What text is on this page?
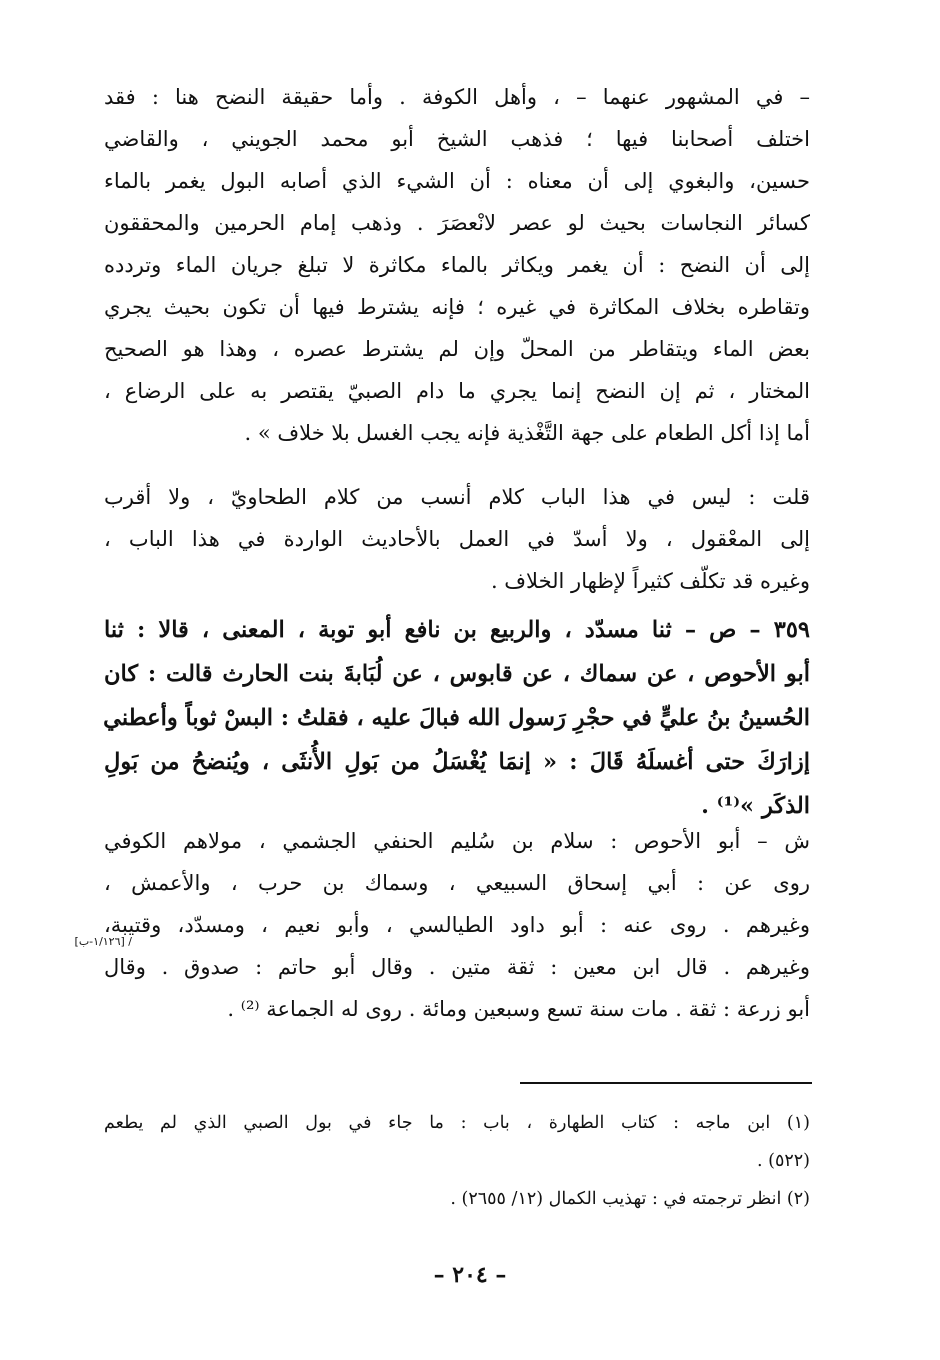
– في المشهور عنهما – ، وأهل الكوفة . وأما حقيقة النضح هنا : فقد
اختلف أصحابنا فيها ؛ فذهب الشيخ أبو محمد الجويني ، والقاضي
حسين، والبغوي إلى أن معناه : أن الشيء الذي أصابه البول يغمر بالماء
كسائر النجاسات بحيث لو عصر لانْعصَرَ . وذهب إمام الحرمين والمحققون
إلى أن النضح : أن يغمر ويكاثر بالماء مكاثرة لا تبلغ جريان الماء وتردده
وتقاطره بخلاف المكاثرة في غيره ؛ فإنه يشترط فيها أن تكون بحيث يجري
بعض الماء ويتقاطر من المحلّ وإن لم يشترط عصره ، وهذا هو الصحيح
المختار ، ثم إن النضح إنما يجري ما دام الصبيّ يقتصر به على الرضاع ،
أما إذا أكل الطعام على جهة التَّغْذية فإنه يجب الغسل بلا خلاف » .
قلت : ليس في هذا الباب كلام أنسب من كلام الطحاويّ ، ولا أقرب
إلى المعْقول ، ولا أسدّ في العمل بالأحاديث الواردة في هذا الباب ،
وغيره قد تكلّف كثيراً لإظهار الخلاف .
٣٥٩ – ص – ثنا مسدّد ، والربيع بن نافع أبو توبة ، المعنى ، قالا : ثنا
أبو الأحوص ، عن سماك ، عن قابوس ، عن لُبَابةَ بنت الحارث قالت : كان
الحُسينُ بنُ عليٍّ في حجْرِ رَسول الله فبالَ عليه ، فقلتُ : البسْ ثوباً وأعطني
إزارَكَ حتى أغسلَهُ قَالَ : « إنمَا يُغْسَلُ من بَولِ الأُنثَى ، ويُنضحُ من بَولِ
الذكَر »⁽¹⁾ .
ش – أبو الأحوص : سلام بن سُليم الحنفي الجشمي ، مولاهم الكوفي
روى عن : أبي إسحاق السبيعي ، وسماك بن حرب ، والأعمش ،
وغيرهم . روى عنه : أبو داود الطيالسي ، وأبو نعيم ، ومسدّد، وقتيبة،
وغيرهم . قال ابن معين : ثقة متين . وقال أبو حاتم : صدوق . وقال
أبو زرعة : ثقة . مات سنة تسع وسبعين ومائة . روى له الجماعة ⁽²⁾ .
[١/١٢٦-ب] /
(١) ابن ماجه : كتاب الطهارة ، باب : ما جاء في بول الصبي الذي لم يطعم
(٥٢٢) .
(٢) انظر ترجمته في : تهذيب الكمال (١٢/ ٢٦٥٥) .
– ٢٠٤ –
